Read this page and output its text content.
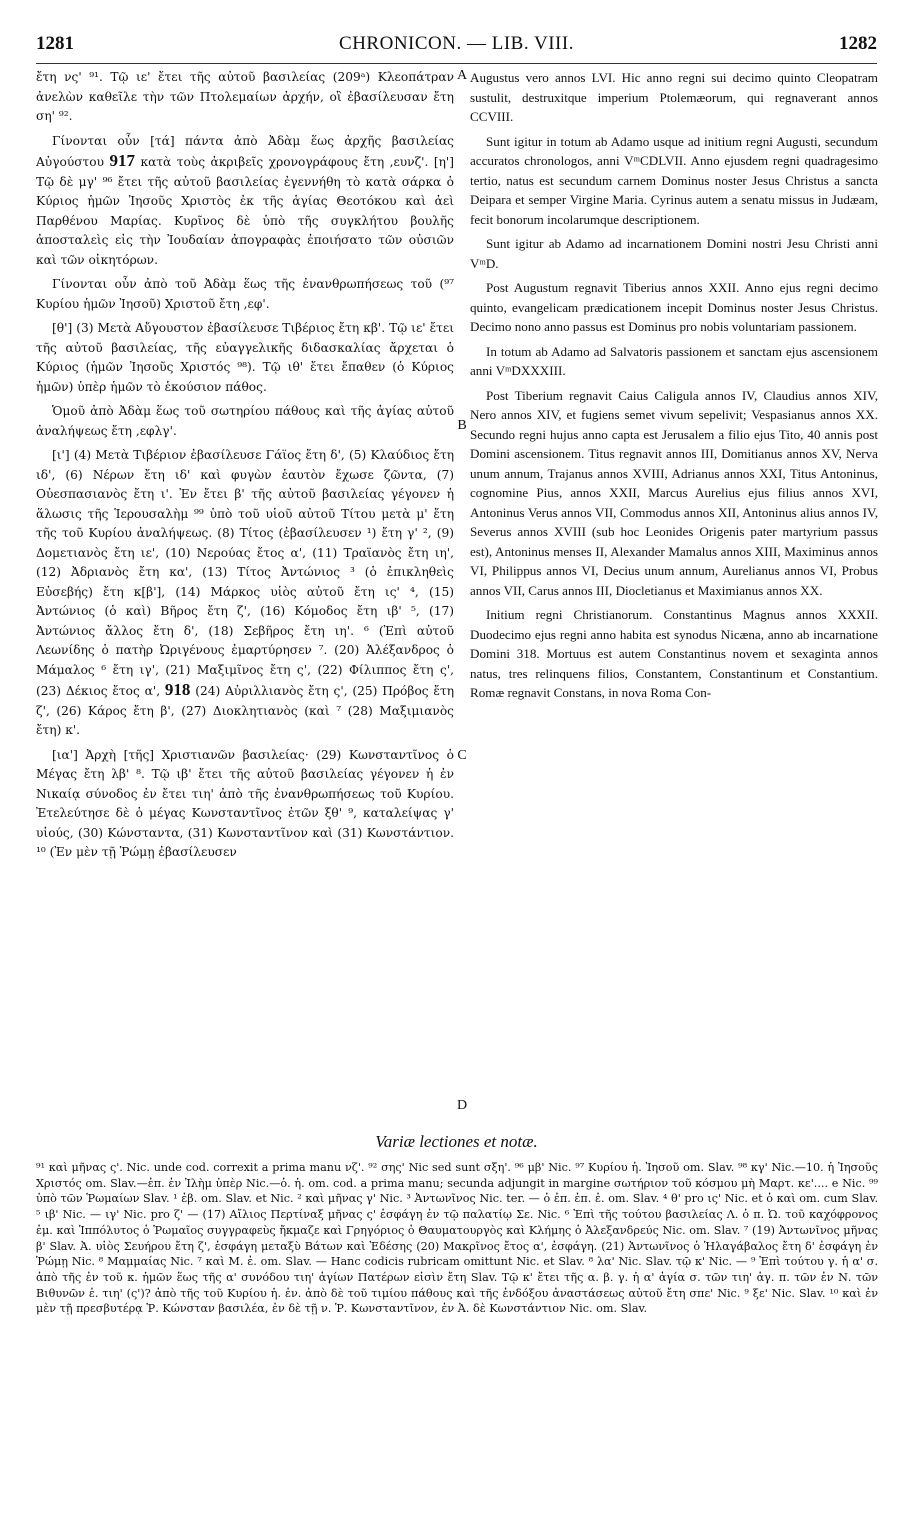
1281	CHRONICON. — LIB. VIII.	1282

ἔτη νς' ⁹¹. Τῷ ιε' ἔτει τῆς αὐτοῦ βασιλείας (209ᵃ) Κλεοπάτραν ἀνελὼν καθεῖλε τὴν τῶν Πτολεμαίων ἀρχήν, οἳ ἐβασίλευσαν ἔτη ση' ⁹².

Γίνονται οὖν [τά] πάντα ἀπὸ Ἀδὰμ ἕως ἀρχῆς βασιλείας Αὐγούστου 917 κατὰ τοὺς ἀκριβεῖς χρονογράφους ἔτη ,ευνζ'. [η'] Τῷ δὲ μγ' ⁹⁶ ἔτει τῆς αὐτοῦ βασιλείας ἐγεννήθη τὸ κατὰ σάρκα ὁ Κύριος ἡμῶν Ἰησοῦς Χριστὸς ἐκ τῆς ἁγίας Θεοτόκου καὶ ἀεὶ Παρθένου Μαρίας. Κυρῖνος δὲ ὑπὸ τῆς συγκλήτου βουλῆς ἀποσταλεὶς εἰς τὴν Ἰουδαίαν ἀπογραφὰς ἐποιήσατο τῶν οὐσιῶν καὶ τῶν οἰκητόρων.

Γίνονται οὖν ἀπὸ τοῦ Ἀδὰμ ἕως τῆς ἐνανθρωπήσεως τοῦ (⁹⁷ Κυρίου ἡμῶν Ἰησοῦ) Χριστοῦ ἔτη ,εφ'.

[θ'] (3) Μετὰ Αὔγουστον ἐβασίλευσε Τιβέριος ἔτη κβ'. Τῷ ιε' ἔτει τῆς αὐτοῦ βασιλείας, τῆς εὐαγγελικῆς διδασκαλίας ἄρχεται ὁ Κύριος (ἡμῶν Ἰησοῦς Χριστός ⁹⁸). Τῷ ιθ' ἔτει ἔπαθεν (ὁ Κύριος ἡμῶν) ὑπὲρ ἡμῶν τὸ ἑκούσιον πάθος.

Ὁμοῦ ἀπὸ Ἀδὰμ ἕως τοῦ σωτηρίου πάθους καὶ τῆς ἁγίας αὐτοῦ ἀναλήψεως ἔτη ,εφλγ'.

[ι'] (4) Μετὰ Τιβέριον ἐβασίλευσε Γάϊος ἔτη δ', (5) Κλαύδιος ἔτη ιδ', (6) Νέρων ἔτη ιδ' καὶ φυγὼν ἑαυτὸν ἔχωσε ζῶντα, (7) Οὐεσπασιανὸς ἔτη ι'. Ἐν ἔτει β' τῆς αὐτοῦ βασιλείας γέγονεν ἡ ἅλωσις τῆς Ἱερουσαλὴμ ⁹⁹ ὑπὸ τοῦ υἱοῦ αὐτοῦ Τίτου μετὰ μ' ἔτη τῆς τοῦ Κυρίου ἀναλήψεως. (8) Τίτος (ἐβασίλευσεν ¹) ἔτη γ' ², (9) Δομετιανὸς ἔτη ιε', (10) Νερούας ἔτος α', (11) Τραϊανὸς ἔτη ιη', (12) Ἀδριανὸς ἔτη κα', (13) Τίτος Ἀντώνιος ³ (ὁ ἐπικληθεὶς Εὐσεβής) ἔτη κ[β'], (14) Μάρκος υἱὸς αὐτοῦ ἔτη ις' ⁴, (15) Ἀντώνιος (ὁ καὶ) Βῆρος ἔτη ζ', (16) Κόμοδος ἔτη ιβ' ⁵, (17) Ἀντώνιος ἄλλος ἔτη δ', (18) Σεβῆρος ἔτη ιη'. ⁶ (Ἐπὶ αὐτοῦ Λεωνίδης ὁ πατὴρ Ὠριγένους ἐμαρτύρησεν ⁷. (20) Ἀλέξανδρος ὁ Μάμαλος ⁶ ἔτη ιγ', (21) Μαξιμῖνος ἔτη ς', (22) Φίλιππος ἔτη ς', (23) Δέκιος ἔτος α', 918 (24) Αὐριλλιανὸς ἔτη ς', (25) Πρόβος ἔτη ζ', (26) Κάρος ἔτη β', (27) Διοκλητιανὸς (καὶ ⁷ (28) Μαξιμιανὸς ἔτη) κ'.

[ια'] Ἀρχὴ [τῆς] Χριστιανῶν βασιλείας· (29) Κωνσταντῖνος ὁ Μέγας ἔτη λβ' ⁸. Τῷ ιβ' ἔτει τῆς αὐτοῦ βασιλείας γέγονεν ἡ ἐν Νικαίᾳ σύνοδος ἐν ἔτει τιη' ἀπὸ τῆς ἐνανθρωπήσεως τοῦ Κυρίου. Ἐτελεύτησε δὲ ὁ μέγας Κωνσταντῖνος ἐτῶν ξθ' ⁹, καταλείψας γ' υἱούς, (30) Κώνσταντα, (31) Κωνσταντῖνον καὶ (31) Κωνστάντιον. ¹⁰ (Ἐν μὲν τῇ Ῥώμῃ ἐβασίλευσεν

A
B
C
D

Augustus vero annos LVI. Hic anno regni sui decimo quinto Cleopatram sustulit, destruxitque imperium Ptolemæorum, qui regnaverant annos CCVIII.

Sunt igitur in totum ab Adamo usque ad initium regni Augusti, secundum accuratos chronologos, anni VᵐCDLVII. Anno ejusdem regni quadragesimo tertio, natus est secundum carnem Dominus noster Jesus Christus a sancta Deipara et semper Virgine Maria. Cyrinus autem a senatu missus in Judæam, fecit bonorum incolarumque descriptionem.

Sunt igitur ab Adamo ad incarnationem Domini nostri Jesu Christi anni VᵐD.

Post Augustum regnavit Tiberius annos XXII. Anno ejus regni decimo quinto, evangelicam prædicationem incepit Dominus noster Jesus Christus. Decimo nono anno passus est Dominus pro nobis voluntariam passionem.

In totum ab Adamo ad Salvatoris passionem et sanctam ejus ascensionem anni VᵐDXXXIII.

Post Tiberium regnavit Caius Caligula annos IV, Claudius annos XIV, Nero annos XIV, et fugiens semet vivum sepelivit; Vespasianus annos XX. Secundo regni hujus anno capta est Jerusalem a filio ejus Tito, 40 annis post Domini ascensionem. Titus regnavit annos III, Domitianus annos XV, Nerva unum annum, Trajanus annos XVIII, Adrianus annos XXI, Titus Antoninus, cognomine Pius, annos XXII, Marcus Aurelius ejus filius annos XVI, Antoninus Verus annos VII, Commodus annos XII, Antoninus alius annos IV, Severus annos XVIII (sub hoc Leonides Origenis pater martyrium passus est), Antoninus menses II, Alexander Mamalus annos XIII, Maximinus annos VI, Philippus annos VI, Decius unum annum, Aurelianus annos VI, Probus annos VII, Carus annos III, Diocletianus et Maximianus annos XX.

Initium regni Christianorum. Constantinus Magnus annos XXXII. Duodecimo ejus regni anno habita est synodus Nicæna, anno ab incarnatione Domini 318. Mortuus est autem Constantinus novem et sexaginta annos natus, tres relinquens filios, Constantem, Constantinum et Constantium. Romæ regnavit Constans, in nova Roma Con-

Variæ lectiones et notæ.
⁹¹ καὶ μῆνας ς'. Nic. unde cod. correxit a prima manu νζ'. ⁹² σης' Nic sed sunt σξη'. ⁹⁶ μβ' Nic. ⁹⁷ Κυρίου ἡ. Ἰησοῦ om. Slav. ⁹⁸ κγ' Nic.—10. ἡ Ἰησοῦς Χριστός om. Slav.—ἐπ. ἐν Ἰλὴμ ὑπὲρ Nic.—ὁ. ἡ. om. cod. a prima manu; secunda adjungit in margine σωτήριον τοῦ κόσμου μὴ Μαρτ. κε'.... e Nic. ⁹⁹ ὑπὸ τῶν Ῥωμαίων Slav. ¹ ἐβ. om. Slav. et Nic. ² καὶ μῆνας γ' Nic. ³ Ἀντωνῖνος Nic. ter. — ὁ ἐπ. ἐπ. ἐ. om. Slav. ⁴ θ' pro ις' Nic. et ὁ καὶ om. cum Slav. ⁵ ιβ' Nic. — ιγ' Nic. pro ζ' — (17) Αἴλιος Περτίναξ μῆνας ς' ἐσφάγη ἐν τῷ παλατίῳ Σε. Nic. ⁶ Ἐπὶ τῆς τούτου βασιλείας Λ. ὁ π. Ὠ. τοῦ καχόφρονος ἐμ. καὶ Ἱππόλυτος ὁ Ῥωμαῖος συγγραφεὺς ἤκμαζε καὶ Γρηγόριος ὁ Θαυματουργὸς καὶ Κλήμης ὁ Ἀλεξανδρεύς Nic. om. Slav. ⁷ (19) Ἀντωνῖνος μῆνας β' Slav. Ἀ. υἱὸς Σευήρου ἔτη ζ', ἐσφάγη μεταξὺ Βάτων καὶ Ἐδέσης (20) Μακρῖνος ἔτος α', ἐσφάγη. (21) Ἀντωνῖνος ὁ Ἡλαγάβαλος ἔτη δ' ἐσφάγη ἐν Ῥώμῃ Nic. ⁸ Μαμμαίας Nic. ⁷ καὶ Μ. ἐ. om. Slav. — Hanc codicis rubricam omittunt Nic. et Slav. ⁸ λα' Nic. Slav. τῷ κ' Nic. — ⁹ Ἐπὶ τούτου γ. ἡ α' σ. ἀπὸ τῆς ἐν τοῦ κ. ἡμῶν ἕως τῆς α' συνόδου τιη' ἁγίων Πατέρων εἰσὶν ἔτη Slav. Τῷ κ' ἔτει τῆς α. β. γ. ἡ α' ἁγία σ. τῶν τιη' ἁγ. π. τῶν ἐν Ν. τῶν Βιθυνῶν ἐ. τιη' (ς')? ἀπὸ τῆς τοῦ Κυρίου ἡ. ἐν. ἀπὸ δὲ τοῦ τιμίου πάθους καὶ τῆς ἐνδόξου ἀναστάσεως αὐτοῦ ἔτη σπε' Nic. ⁹ ξε' Nic. Slav. ¹⁰ καὶ ἐν μὲν τῇ πρεσβυτέρᾳ Ῥ. Κώνσταν βασιλέα, ἐν δὲ τῇ ν. Ῥ. Κωνσταντῖνον, ἐν Ἀ. δὲ Κωνστάντιον Nic. om. Slav.
